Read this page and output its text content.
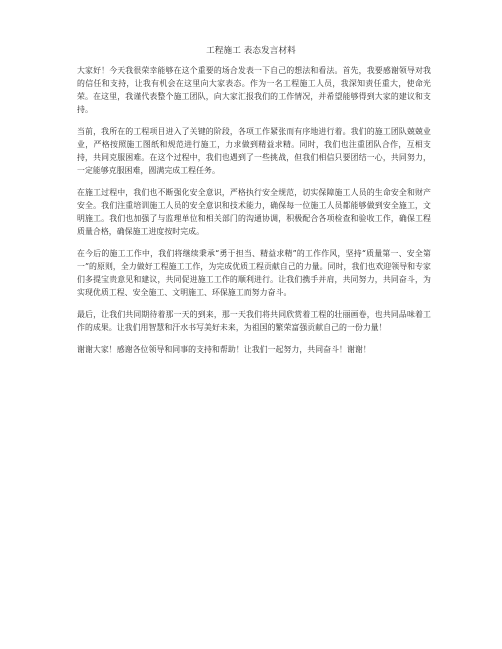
工程施工 表态发言材料

大家好！今天我很荣幸能够在这个重要的场合发表一下自己的想法和看法。首先，我要感谢领导对我的信任和支持，让我有机会在这里向大家表态。作为一名工程施工人员，我深知责任重大，使命光荣。在这里，我谨代表整个施工团队，向大家汇报我们的工作情况，并希望能够得到大家的建议和支持。

当前，我所在的工程项目进入了关键的阶段，各项工作紧张而有序地进行着。我们的施工团队兢兢业业，严格按照施工图纸和规范进行施工，力求做到精益求精。同时，我们也注重团队合作，互相支持，共同克服困难。在这个过程中，我们也遇到了一些挑战，但我们相信只要团结一心，共同努力，一定能够克服困难，圆满完成工程任务。

在施工过程中，我们也不断强化安全意识，严格执行安全规范，切实保障施工人员的生命安全和财产安全。我们注重培训施工人员的安全意识和技术能力，确保每一位施工人员都能够做到安全施工，文明施工。我们也加强了与监理单位和相关部门的沟通协调，积极配合各项检查和验收工作，确保工程质量合格，确保施工进度按时完成。

在今后的施工工作中，我们将继续秉承“勇于担当、精益求精”的工作作风，坚持“质量第一、安全第一”的原则，全力做好工程施工工作，为完成优质工程贡献自己的力量。同时，我们也欢迎领导和专家们多提宝贵意见和建议，共同促进施工工作的顺利进行。让我们携手并肩，共同努力，共同奋斗，为实现优质工程、安全施工、文明施工、环保施工而努力奋斗。

最后，让我们共同期待着那一天的到来，那一天我们将共同欣赏着工程的壮丽画卷，也共同品味着工作的成果。让我们用智慧和汗水书写美好未来，为祖国的繁荣富强贡献自己的一份力量！

谢谢大家！感谢各位领导和同事的支持和帮助！让我们一起努力，共同奋斗！谢谢！
